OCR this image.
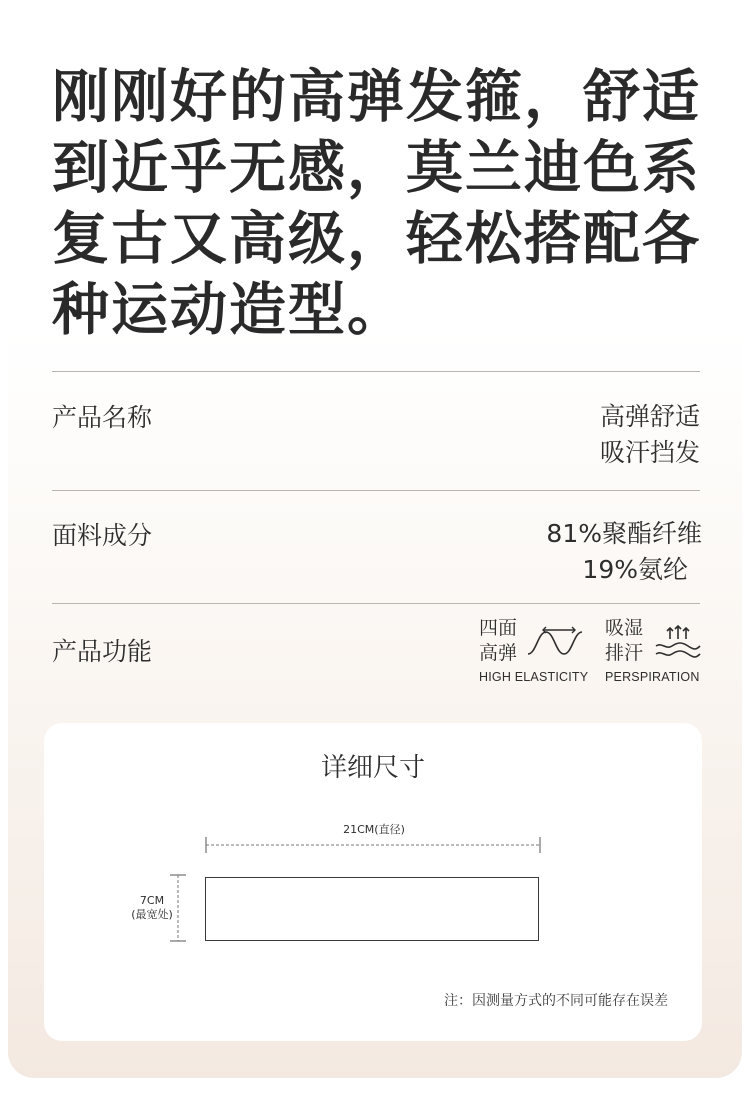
刚刚好的高弹发箍，舒适到近乎无感，莫兰迪色系复古又高级，轻松搭配各种运动造型。

产品名称	高弹舒适
吸汗挡发
面料成分	81%聚酯纤维
19%氨纶
产品功能
四面
高弹
HIGH ELASTICITY
吸湿
排汗
PERSPIRATION
详细尺寸
21CM(直径)
7CM
(最宽处)
注：因测量方式的不同可能存在误差
